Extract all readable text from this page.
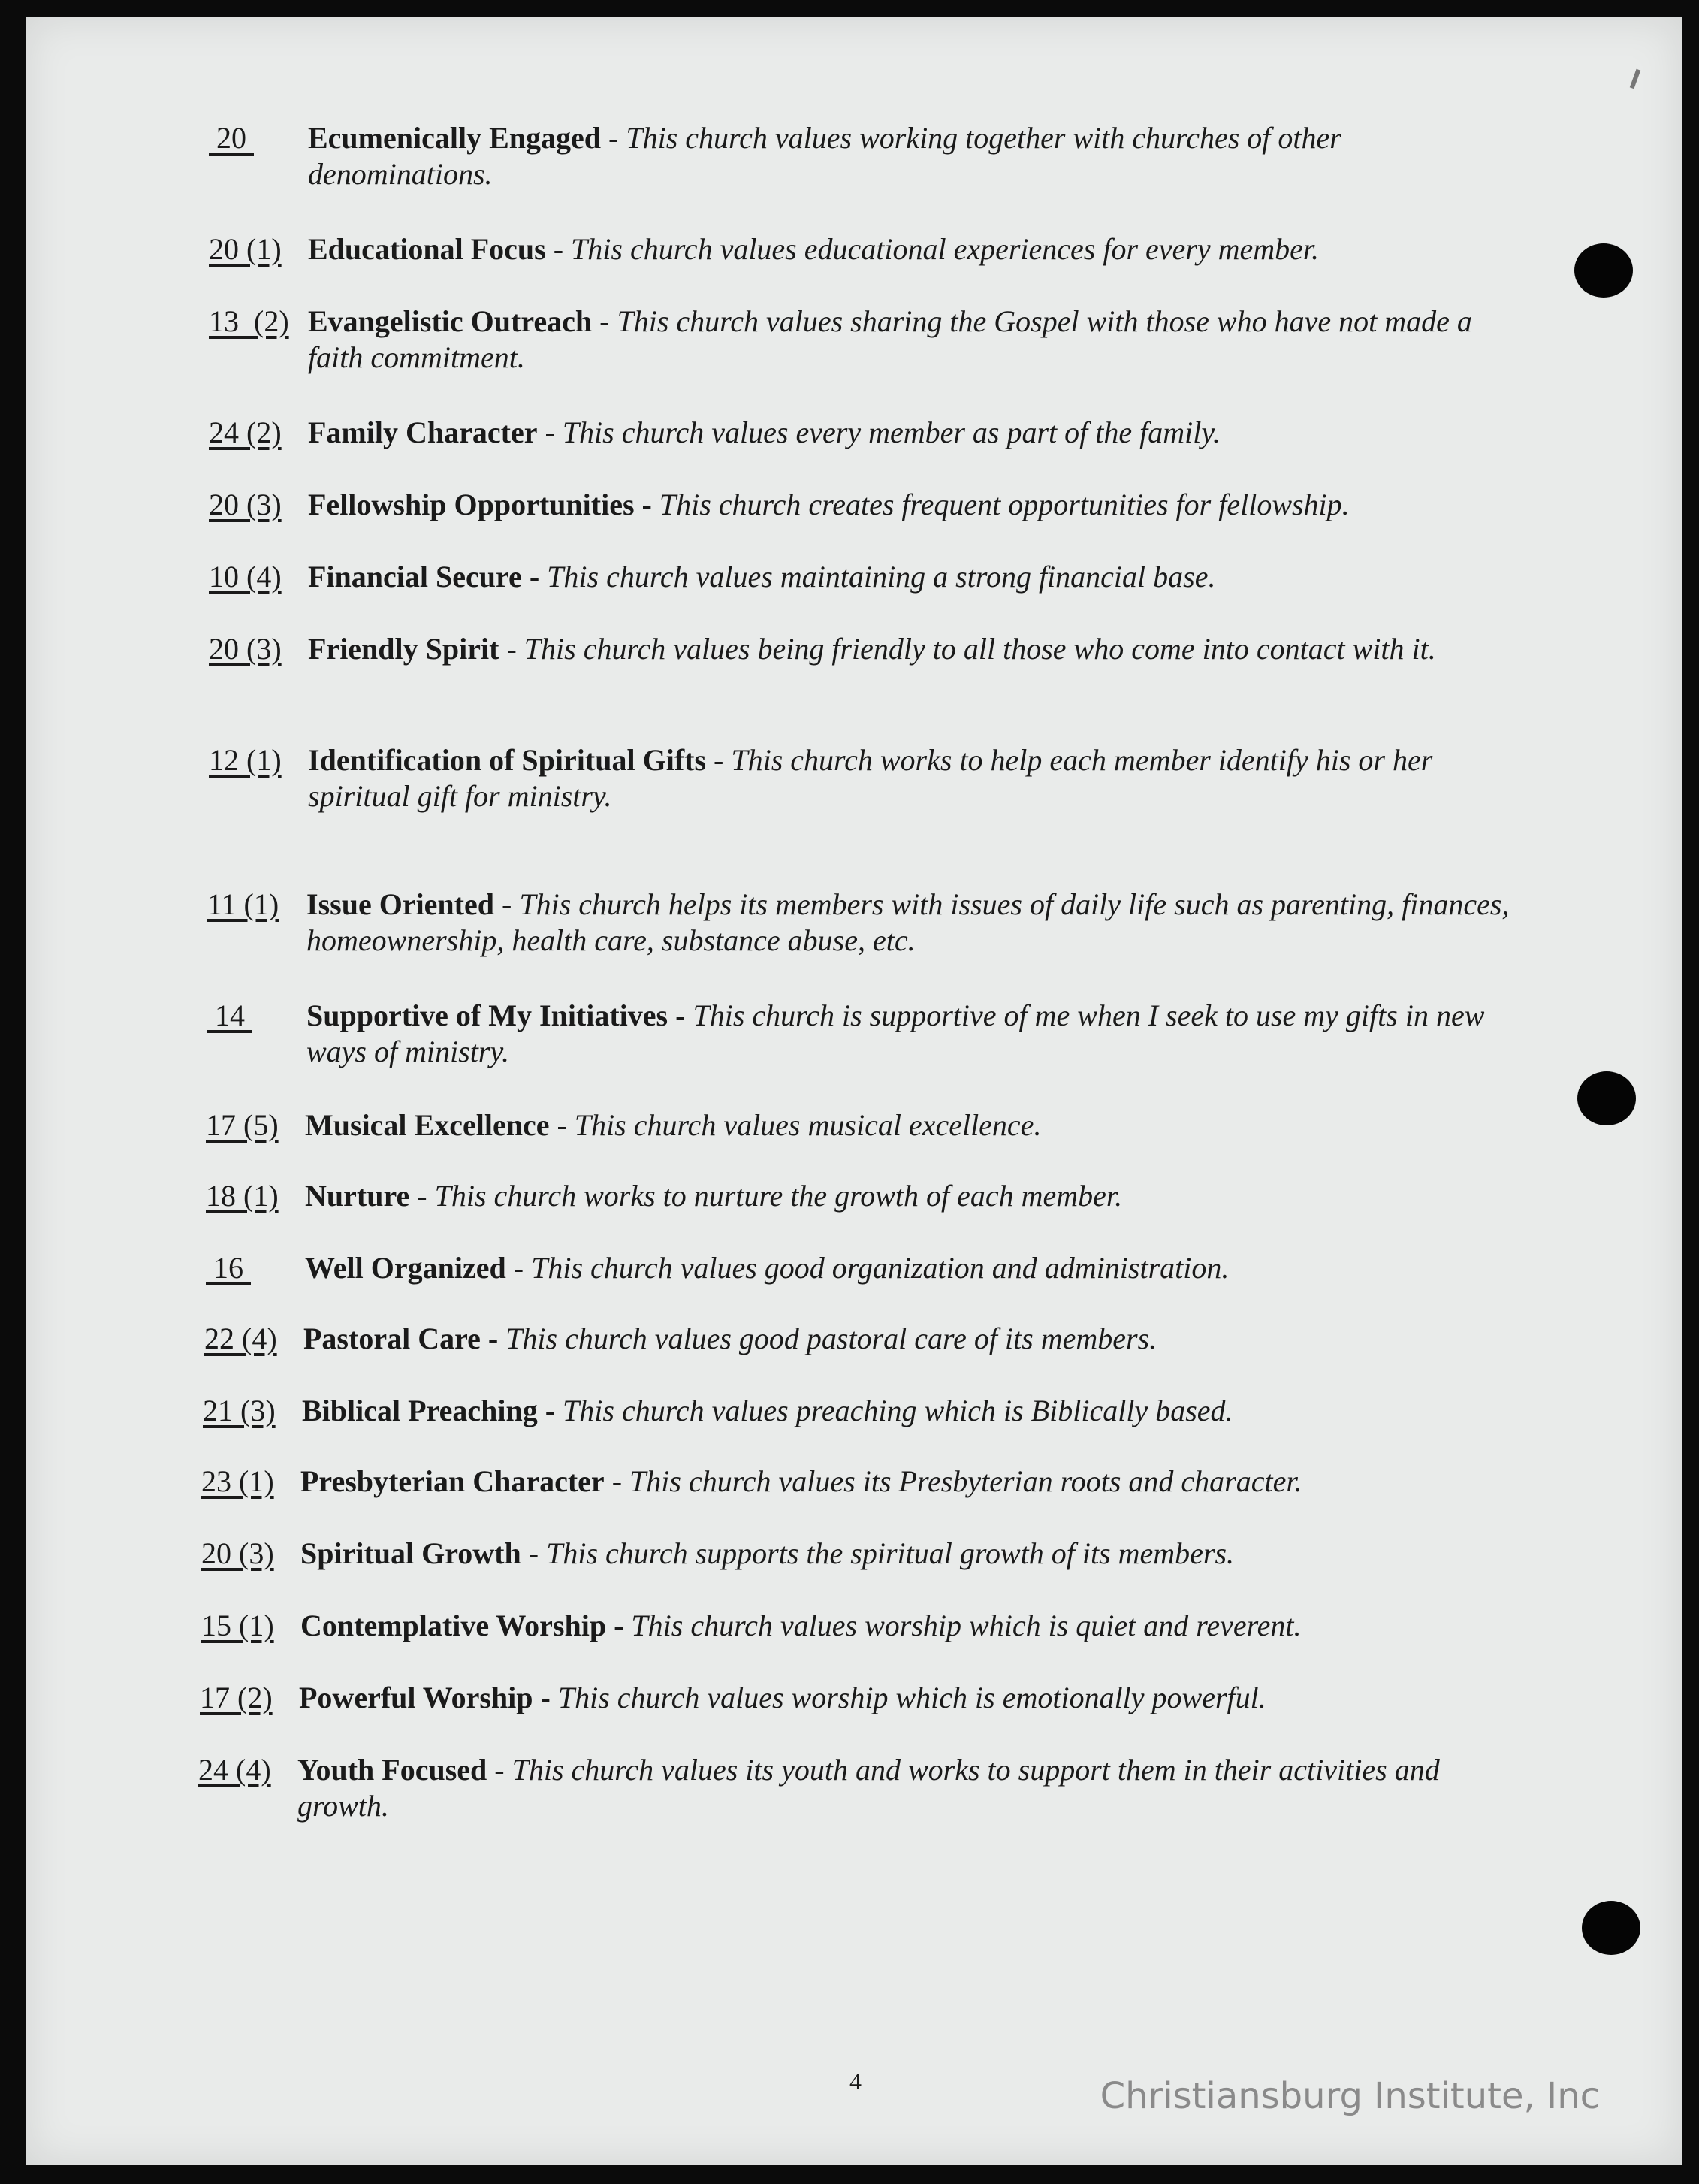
20	Ecumenically Engaged - This church values working together with churches of other denominations.
20 (1) Educational Focus - This church values educational experiences for every member.
13  (2) Evangelistic Outreach - This church values sharing the Gospel with those who have not made a faith commitment.
24 (2) Family Character - This church values every member as part of the family.
20 (3) Fellowship Opportunities - This church creates frequent opportunities for fellowship.
10 (4) Financial Secure - This church values maintaining a strong financial base.
20 (3) Friendly Spirit - This church values being friendly to all those who come into contact with it.
12 (1) Identification of Spiritual Gifts - This church works to help each member identify his or her spiritual gift for ministry.
11 (1) Issue Oriented - This church helps its members with issues of daily life such as parenting, finances, homeownership, health care, substance abuse, etc.
14	Supportive of My Initiatives - This church is supportive of me when I seek to use my gifts in new ways of ministry.
17 (5) Musical Excellence - This church values musical excellence.
18 (1) Nurture - This church works to nurture the growth of each member.
16	Well Organized - This church values good organization and administration.
22 (4) Pastoral Care - This church values good pastoral care of its members.
21 (3) Biblical Preaching - This church values preaching which is Biblically based.
23 (1) Presbyterian Character - This church values its Presbyterian roots and character.
20 (3) Spiritual Growth - This church supports the spiritual growth of its members.
15 (1) Contemplative Worship - This church values worship which is quiet and reverent.
17 (2) Powerful Worship - This church values worship which is emotionally powerful.
24 (4) Youth Focused - This church values its youth and works to support them in their activities and growth.
4	Christiansburg Institute, Inc
